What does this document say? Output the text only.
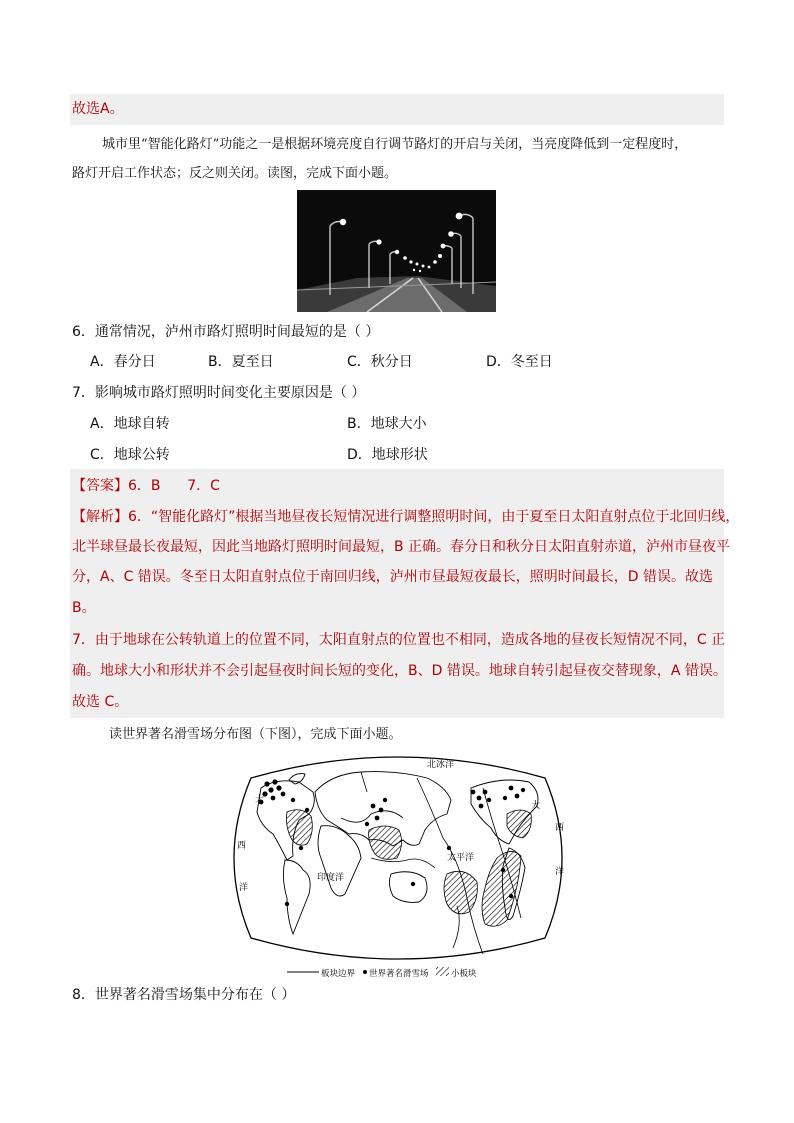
故选A。
城市里“智能化路灯”功能之一是根据环境亮度自行调节路灯的开启与关闭，当亮度降低到一定程度时，
路灯开启工作状态；反之则关闭。读图，完成下面小题。
6．通常情况，泸州市路灯照明时间最短的是（ ）
A．春分日	B．夏至日	C．秋分日	D．冬至日
7．影响城市路灯照明时间变化主要原因是（ ）
A．地球自转	B．地球大小
C．地球公转	D．地球形状
【答案】6．B      7．C
【解析】6．“智能化路灯”根据当地昼夜长短情况进行调整照明时间，由于夏至日太阳直射点位于北回归线，
北半球昼最长夜最短，因此当地路灯照明时间最短，B 正确。春分日和秋分日太阳直射赤道，泸州市昼夜平
分，A、C 错误。冬至日太阳直射点位于南回归线，泸州市昼最短夜最长，照明时间最长，D 错误。故选
B。
7．由于地球在公转轨道上的位置不同，太阳直射点的位置也不相同，造成各地的昼夜长短情况不同，C 正
确。地球大小和形状并不会引起昼夜时间长短的变化，B、D 错误。地球自转引起昼夜交替现象，A 错误。
故选 C。
读世界著名滑雪场分布图（下图），完成下面小题。
北冰洋
太平洋
印度洋
大
大
西
洋
西
洋
板块边界 世界著名滑雪场	小板块
8．世界著名滑雪场集中分布在（ ）
